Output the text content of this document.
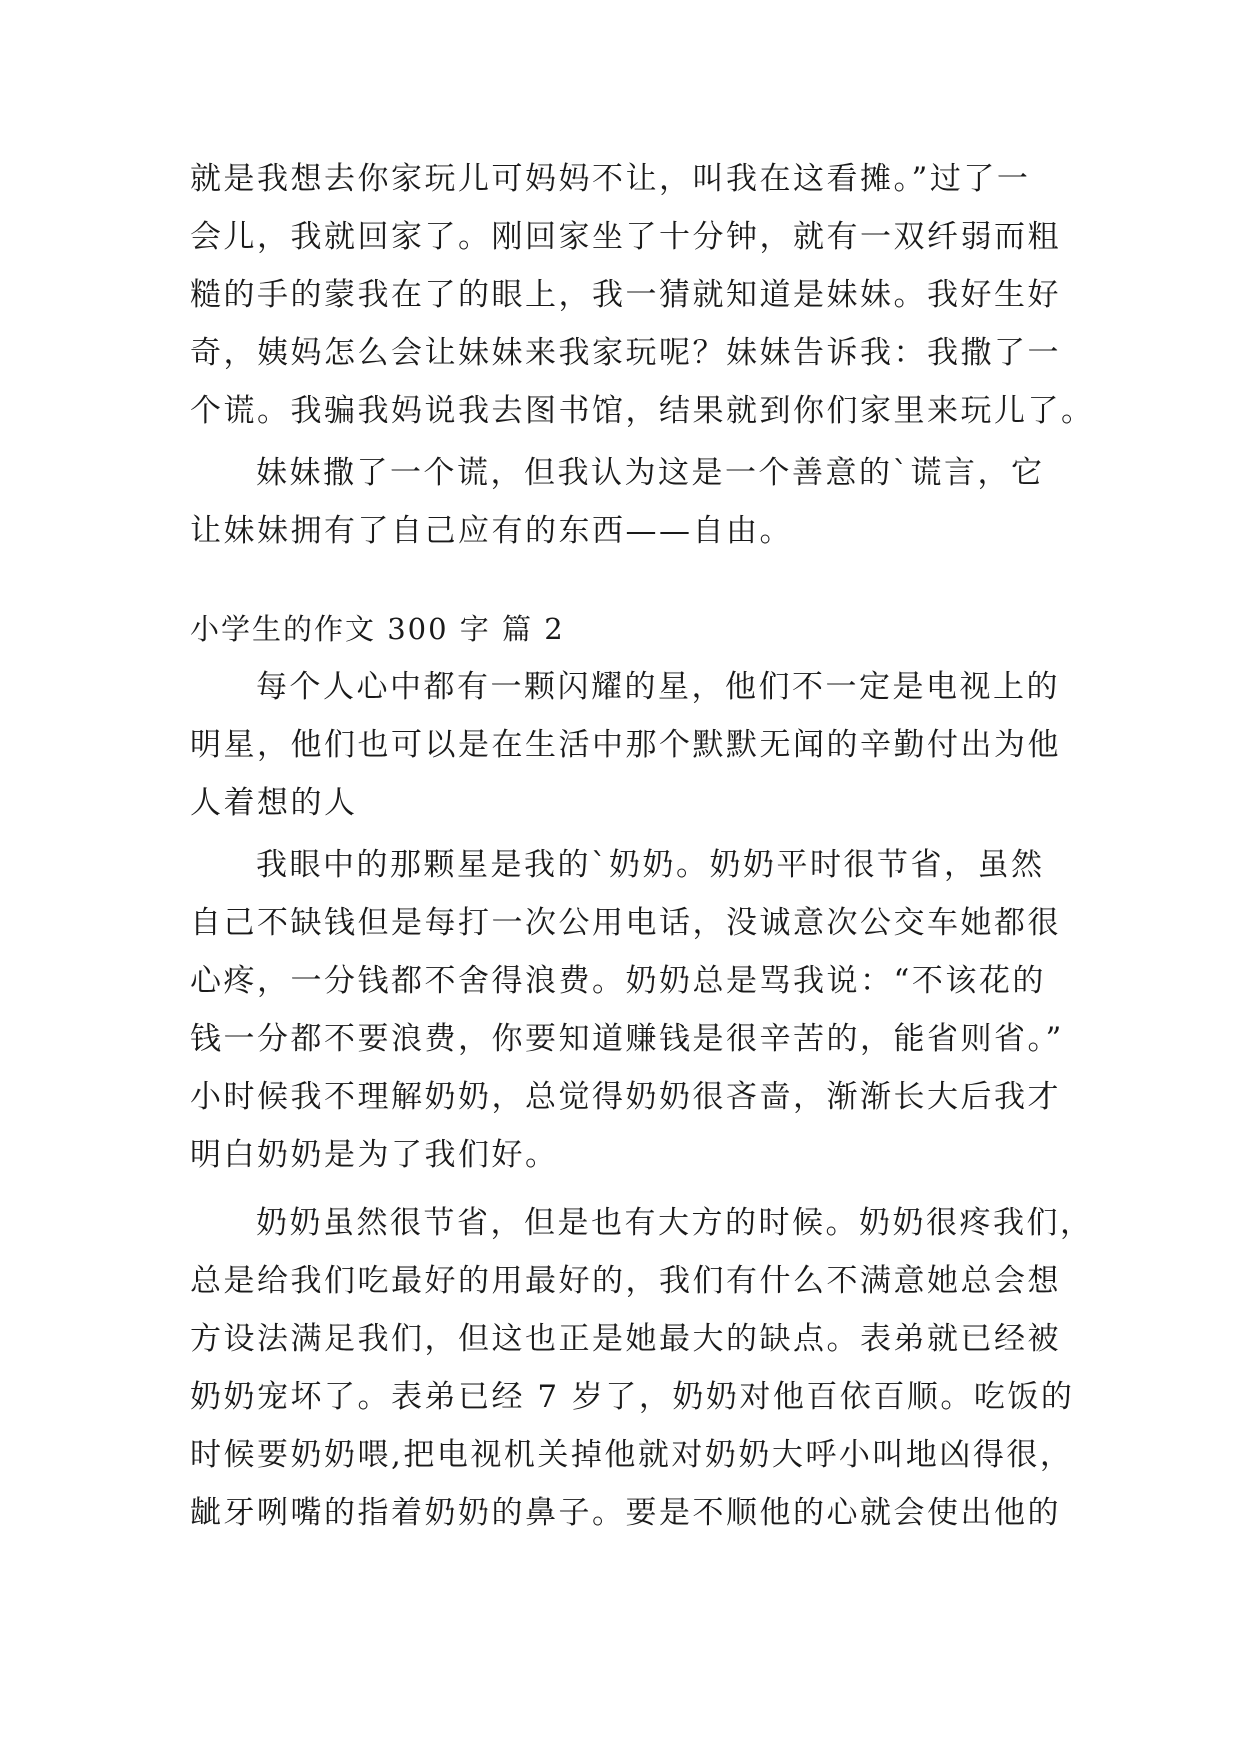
就是我想去你家玩儿可妈妈不让，叫我在这看摊。”过了一
会儿，我就回家了。刚回家坐了十分钟，就有一双纤弱而粗
糙的手的蒙我在了的眼上，我一猜就知道是妹妹。我好生好
奇，姨妈怎么会让妹妹来我家玩呢？妹妹告诉我：我撒了一
个谎。我骗我妈说我去图书馆，结果就到你们家里来玩儿了。
妹妹撒了一个谎，但我认为这是一个善意的`谎言，它
让妹妹拥有了自己应有的东西——自由。
小学生的作文 300 字 篇 2
每个人心中都有一颗闪耀的星，他们不一定是电视上的
明星，他们也可以是在生活中那个默默无闻的辛勤付出为他
人着想的人
我眼中的那颗星是我的`奶奶。奶奶平时很节省，虽然
自己不缺钱但是每打一次公用电话，没诚意次公交车她都很
心疼，一分钱都不舍得浪费。奶奶总是骂我说：“不该花的
钱一分都不要浪费，你要知道赚钱是很辛苦的，能省则省。”
小时候我不理解奶奶，总觉得奶奶很吝啬，渐渐长大后我才
明白奶奶是为了我们好。
奶奶虽然很节省，但是也有大方的时候。奶奶很疼我们，
总是给我们吃最好的用最好的，我们有什么不满意她总会想
方设法满足我们，但这也正是她最大的缺点。表弟就已经被
奶奶宠坏了。表弟已经 7 岁了，奶奶对他百依百顺。吃饭的
时候要奶奶喂,把电视机关掉他就对奶奶大呼小叫地凶得很，
龇牙咧嘴的指着奶奶的鼻子。要是不顺他的心就会使出他的
